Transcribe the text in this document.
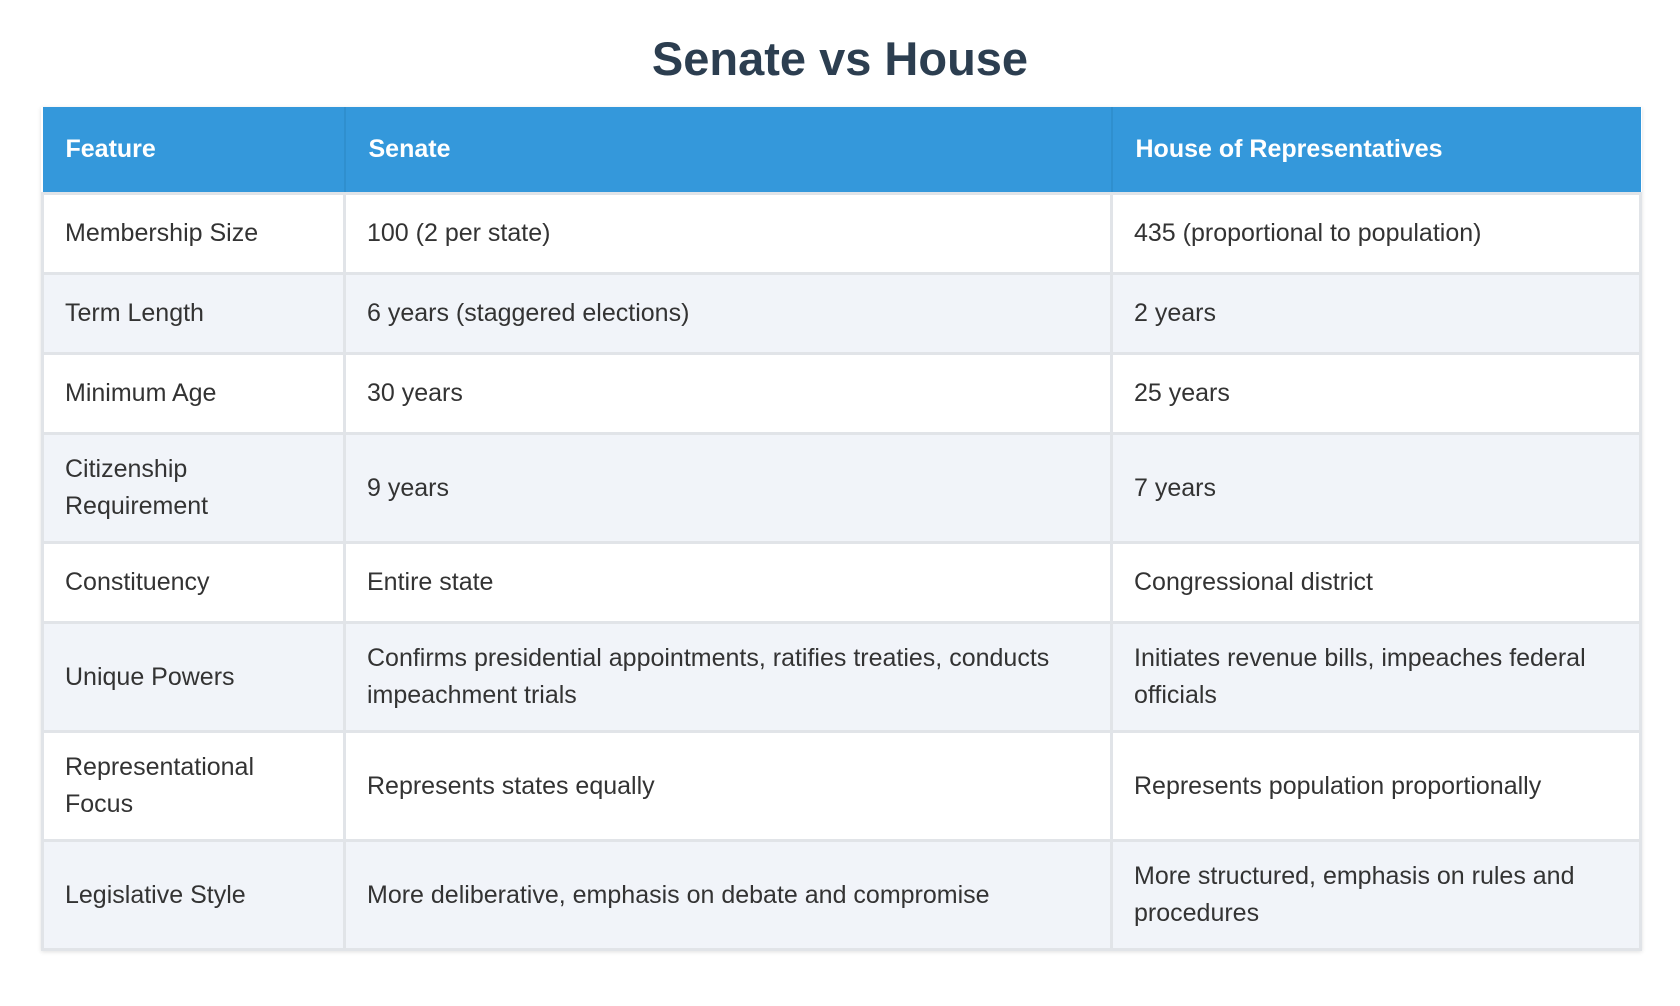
Senate vs House
Feature	Senate	House of Representatives
Membership Size	100 (2 per state)	435 (proportional to population)
Term Length	6 years (staggered elections)	2 years
Minimum Age	30 years	25 years
Citizenship Requirement	9 years	7 years
Constituency	Entire state	Congressional district
Unique Powers	Confirms presidential appointments, ratifies treaties, conducts impeachment trials	Initiates revenue bills, impeaches federal officials
Representational Focus	Represents states equally	Represents population proportionally
Legislative Style	More deliberative, emphasis on debate and compromise	More structured, emphasis on rules and procedures
